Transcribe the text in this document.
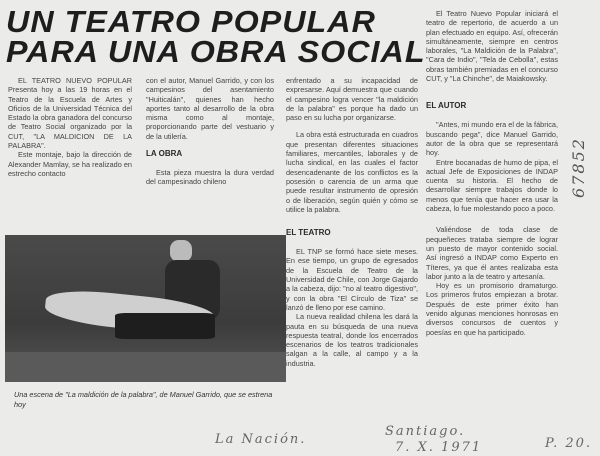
UN TEATRO POPULAR
PARA UNA OBRA SOCIAL

EL TEATRO NUEVO POPULAR Presenta hoy a las 19 horas en el Teatro de la Escuela de Artes y Oficios de la Universidad Técnica del Estado la obra ganadora del concurso de Teatro Social organizado por la CUT, "LA MALDICION DE LA PALABRA".

Este montaje, bajo la dirección de Alexander Mamlay, se ha realizado en estrecho contacto

con el autor, Manuel Garrido, y con los campesinos del asentamiento "Huiticalán", quienes han hecho aportes tanto al desarrollo de la obra misma como al montaje, proporcionando parte del vestuario y de la utilería.

LA OBRA

Esta pieza muestra la dura verdad del campesinado chileno

enfrentado a su incapacidad de expresarse. Aquí demuestra que cuando el campesino logra vencer "la maldición de la palabra" es porque ha dado un paso en su lucha por organizarse.

La obra está estructurada en cuadros que presentan diferentes situaciones familiares, mercantiles, laborales y de lucha sindical, en las cuales el factor desencadenante de los conflictos es la posesión o carencia de un arma que puede resultar instrumento de opresión o de liberación, según quién y cómo se utilice la palabra.

EL TEATRO

EL TNP se formó hace siete meses. En ese tiempo, un grupo de egresados de la Escuela de Teatro de la Universidad de Chile, con Jorge Gajardo a la cabeza, dijo: "no al teatro digestivo", y con la obra "El Círculo de Tiza" se lanzó de lleno por ese camino.

La nueva realidad chilena les dará la pauta en su búsqueda de una nueva respuesta teatral, donde los encerrados escenarios de los teatros tradicionales salgan a la calle, al campo y a la industria.

El Teatro Nuevo Popular iniciará el teatro de repertorio, de acuerdo a un plan efectuado en equipo. Así, ofrecerán simultáneamente, siempre en centros laborales, "La Maldición de la Palabra", "Cara de Indio", "Tela de Cebolla", estas obras también premiadas en el concurso CUT, y "La Chinche", de Maiakowsky.

EL AUTOR

"Antes, mi mundo era el de la fábrica, buscando pega", dice Manuel Garrido, autor de la obra que se representará hoy.

Entre bocanadas de humo de pipa, el actual Jefe de Exposiciones de INDAP cuenta su historia. El hecho de desarrollar siempre trabajos donde lo menos que tenía que hacer era usar la cabeza, lo fue molestando poco a poco.

Valiéndose de toda clase de pequeñeces trataba siempre de lograr un puesto de mayor contenido social. Así ingresó a INDAP como Experto en Títeres, ya que él antes realizaba esta labor junto a la de teatro y artesanía.

Hoy es un promisorio dramaturgo. Los primeros frutos empiezan a brotar. Después de este primer éxito han venido algunas menciones honrosas en diversos concursos de cuentos y poesías en que ha participado.

Una escena de "La maldición de la palabra", de Manuel Garrido, que se estrena hoy
La Nación.
Santiago.
7. X. 1971	P. 20.
67852
